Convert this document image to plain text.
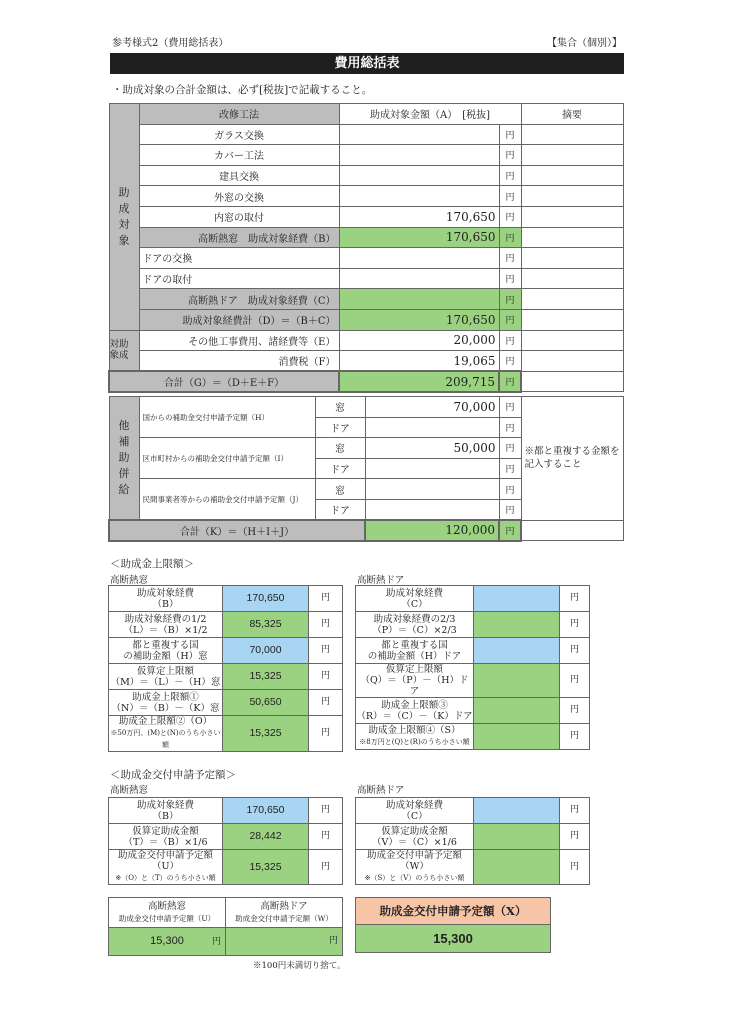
参考様式2（費用総括表）	【集合（個別）】
費用総括表
・助成対象の合計金額は、必ず[税抜]で記載すること。
助
成
対
象	改修工法	助成対象金額（A）　[税抜]		摘要
	ガラス交換		円	
	カバー工法		円	
	建具交換		円	
	外窓の交換		円	
	内窓の取付	170,650	円	
	高断熱窓　助成対象経費（B）	170,650	円	
	ドアの交換		円	
	ドアの取付		円	
	高断熱ドア　助成対象経費（C）		円	
	助成対象経費計（D）＝（B＋C）	170,650	円	
対助
象成	その他工事費用、諸経費等（E）	20,000	円	
	消費税（F）	19,065	円	
合計（G）＝（D＋E＋F）		209,715	円	
他
補
助
併
給	国からの補助金交付申請予定額（H）	窓	70,000	円	※都と重複する金額を記入すること
		ドア		円	
	区市町村からの補助金交付申請予定額（I）	窓	50,000	円	
		ドア		円	
	民間事業者等からの補助金交付申請予定額（J）	窓		円	
		ドア		円	
合計（K）＝（H＋I＋J）			120,000	円	
＜助成金上限額＞
高断熱窓	高断熱ドア
助成対象経費
（B）	170,650	円
助成対象経費の1/2
（L）＝（B）×1/2	85,325	円
都と重複する国
の補助金額（H）窓	70,000	円
仮算定上限額
（M）＝（L）－（H）窓	15,325	円
助成金上限額①
（N）＝（B）－（K）窓	50,650	円
助成金上限額②（O）
※50万円、(M)と(N)のうち小さい額	15,325	円
助成対象経費
（C）		円
助成対象経費の2/3
（P）＝（C）×2/3		円
都と重複する国
の補助金額（H）ドア		円
仮算定上限額
（Q）＝（P）－（H）ドア		円
助成金上限額③
（R）＝（C）－（K）ドア		円
助成金上限額④（S）
※8万円と(Q)と(R)のうち小さい額		円
＜助成金交付申請予定額＞
高断熱窓	高断熱ドア
助成対象経費
（B）	170,650	円
仮算定助成金額
（T）＝（B）×1/6	28,442	円
助成金交付申請予定額（U）
※（O）と（T）のうち小さい額	15,325	円
助成対象経費
（C）		円
仮算定助成金額
（V）＝（C）×1/6		円
助成金交付申請予定額（W）
※（S）と（V）のうち小さい額		円
高断熱窓
助成金交付申請予定額（U）	高断熱ドア
助成金交付申請予定額（W）
15,300 円	円
助成金交付申請予定額（X）
15,300
※100円未満切り捨て。
